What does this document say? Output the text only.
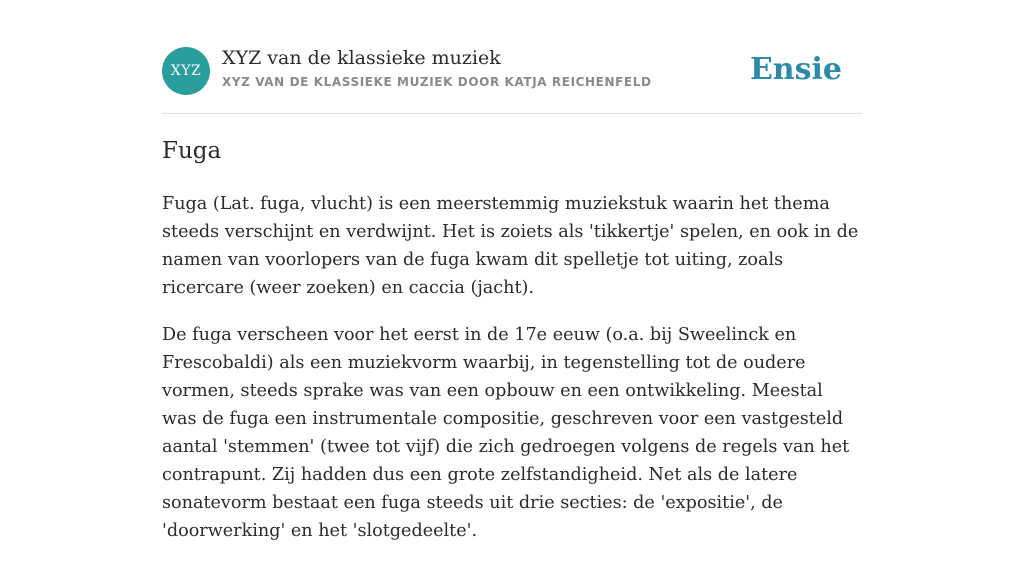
XYZ
XYZ van de klassieke muziek
XYZ VAN DE KLASSIEKE MUZIEK DOOR KATJA REICHENFELD	Ensie
Fuga

Fuga (Lat. fuga, vlucht) is een meerstemmig muziekstuk waarin het thema steeds verschijnt en verdwijnt. Het is zoiets als 'tikkertje' spelen, en ook in de namen van voorlopers van de fuga kwam dit spelletje tot uiting, zoals ricercare (weer zoeken) en caccia (jacht).

De fuga verscheen voor het eerst in de 17e eeuw (o.a. bij Sweelinck en Frescobaldi) als een muziekvorm waarbij, in tegenstelling tot de oudere vormen, steeds sprake was van een opbouw en een ontwikkeling. Meestal was de fuga een instrumentale compositie, geschreven voor een vastgesteld aantal 'stemmen' (twee tot vijf) die zich gedroegen volgens de regels van het contrapunt. Zij hadden dus een grote zelfstandigheid. Net als de latere sonatevorm bestaat een fuga steeds uit drie secties: de 'expositie', de 'doorwerking' en het 'slotgedeelte'.
